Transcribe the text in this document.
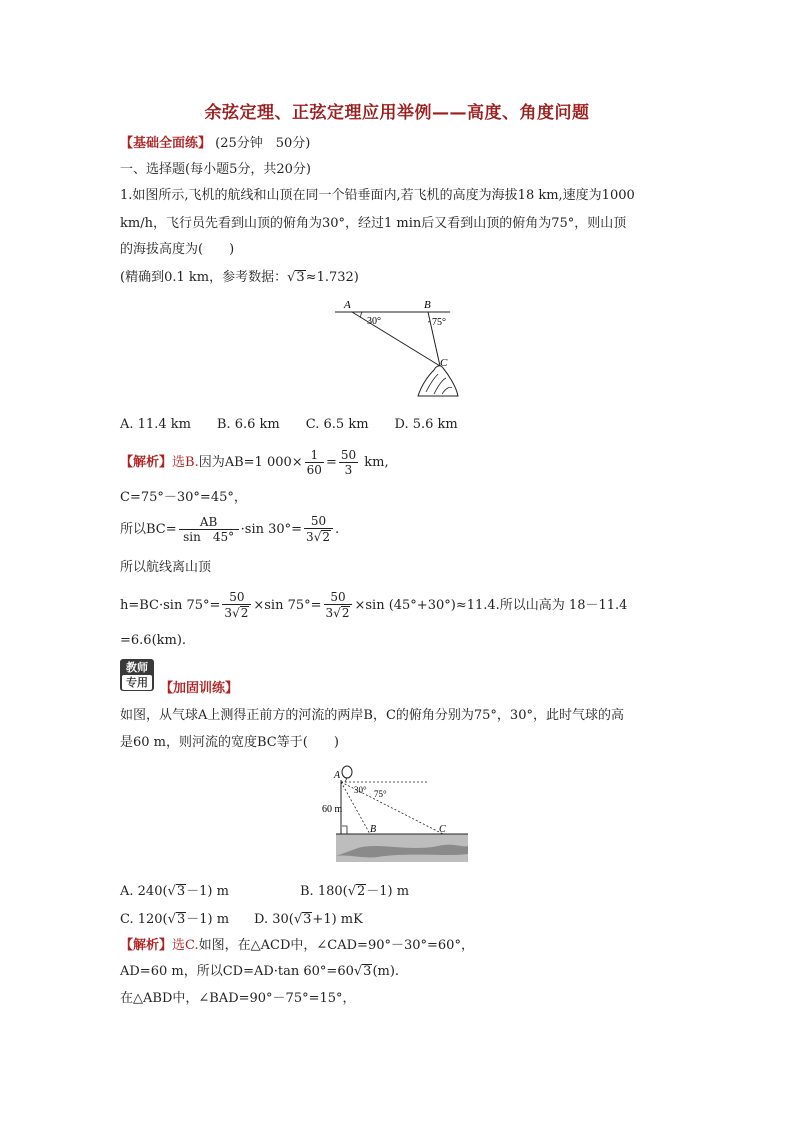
余弦定理、正弦定理应用举例——高度、角度问题
【基础全面练】 (25分钟　50分)
一、选择题(每小题5分，共20分)
1.如图所示,飞机的航线和山顶在同一个铅垂面内,若飞机的高度为海拔18 km,速度为1000
km/h，飞行员先看到山顶的俯角为30°，经过1 min后又看到山顶的俯角为75°，则山顶
的海拔高度为(　　)
(精确到0.1 km，参考数据：√3≈1.732)
A	B
C
30°	75°
A. 11.4 km　　B. 6.6 km　　C. 6.5 km　　D. 5.6 km
【解析】选B.因为AB=1 $000\times \frac{1}{60} = \frac{50}{3}$ km,
C=75°－30°=45°，
所以$BC= \frac{AB}{\sin 45^\circ} \cdot\sin$ $30^\circ= \frac{50}{3√2}$ .
所以航线离山顶
h=BC·sin $75^\circ= \frac{50}{3√2} \times\sin$ $75^\circ= \frac{50}{3√2} \times\sin$ (45°+30°)≈11.4.所以山高为 18－11.4
=6.6(km).
教师
专用 【加固训练】
如图，从气球A上测得正前方的河流的两岸B，C的俯角分别为75°，30°，此时气球的高
是60 m，则河流的宽度BC等于(　　)
A
B	C
60 m
30° 75°
A. 240(√3－1) m	B. 180(√2－1) m
C. 120(√3－1) m D. 30(√3+1) mK
【解析】选C.如图，在△ACD中，∠CAD=90°－30°=60°，
AD=60 m，所以CD=AD·tan 60°=60√3(m).
在△ABD中，∠BAD=90°－75°=15°，
